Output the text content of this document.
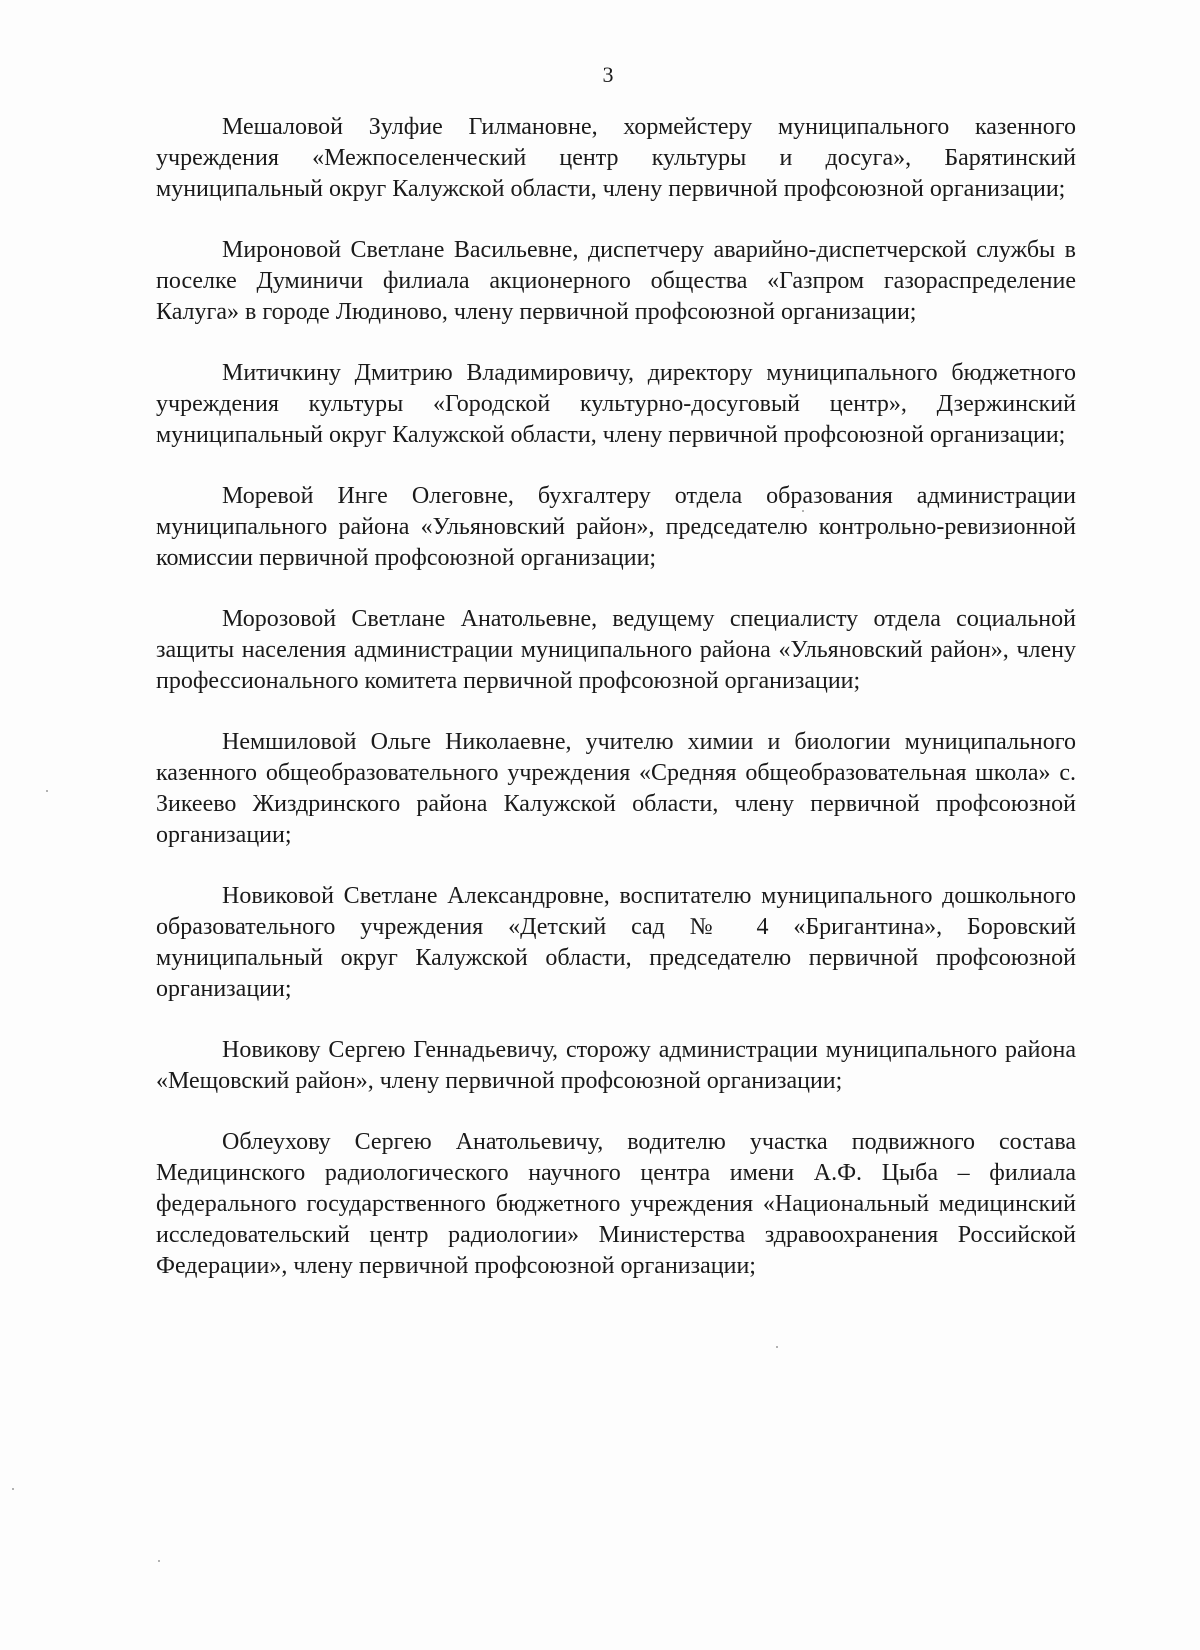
3

Мешаловой Зулфие Гилмановне, хормейстеру муниципального казенного учреждения «Межпоселенческий центр культуры и досуга», Барятинский муниципальный округ Калужской области, члену первичной профсоюзной организации;

Мироновой Светлане Васильевне, диспетчеру аварийно-диспетчерской службы в поселке Думиничи филиала акционерного общества «Газпром газораспределение Калуга» в городе Людиново, члену первичной профсоюзной организации;

Митичкину Дмитрию Владимировичу, директору муниципального бюджетного учреждения культуры «Городской культурно-досуговый центр», Дзержинский муниципальный округ Калужской области, члену первичной профсоюзной организации;

Моревой Инге Олеговне, бухгалтеру отдела образования администрации муниципального района «Ульяновский район», председателю контрольно-ревизионной комиссии первичной профсоюзной организации;

Морозовой Светлане Анатольевне, ведущему специалисту отдела социальной защиты населения администрации муниципального района «Ульяновский район», члену профессионального комитета первичной профсоюзной организации;

Немшиловой Ольге Николаевне, учителю химии и биологии муниципального казенного общеобразовательного учреждения «Средняя общеобразовательная школа» с. Зикеево Жиздринского района Калужской области, члену первичной профсоюзной организации;

Новиковой Светлане Александровне, воспитателю муниципального дошкольного образовательного учреждения «Детский сад № 4 «Бригантина», Боровский муниципальный округ Калужской области, председателю первичной профсоюзной организации;

Новикову Сергею Геннадьевичу, сторожу администрации муниципального района «Мещовский район», члену первичной профсоюзной организации;

Облеухову Сергею Анатольевичу, водителю участка подвижного состава Медицинского радиологического научного центра имени А.Ф. Цыба – филиала федерального государственного бюджетного учреждения «Национальный медицинский исследовательский центр радиологии» Министерства здравоохранения Российской Федерации», члену первичной профсоюзной организации;
